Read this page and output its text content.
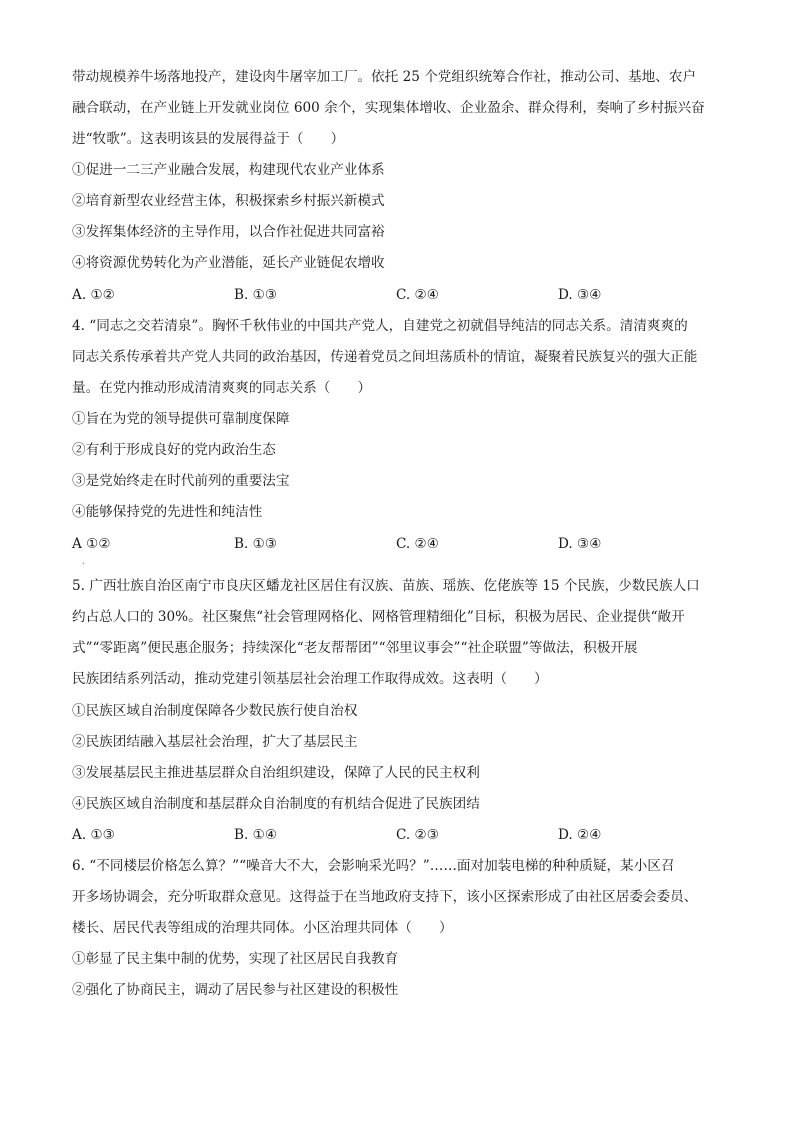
带动规模养牛场落地投产，建设肉牛屠宰加工厂。依托 25 个党组织统筹合作社，推动公司、基地、农户
融合联动，在产业链上开发就业岗位 600 余个，实现集体增收、企业盈余、群众得利，奏响了乡村振兴奋
进“牧歌”。这表明该县的发展得益于（　　）
①促进一二三产业融合发展，构建现代农业产业体系
②培育新型农业经营主体，积极探索乡村振兴新模式
③发挥集体经济的主导作用，以合作社促进共同富裕
④将资源优势转化为产业潜能，延长产业链促农增收
A. ①②	B. ①③	C. ②④	D. ③④
4. “同志之交若清泉”。胸怀千秋伟业的中国共产党人，自建党之初就倡导纯洁的同志关系。清清爽爽的
同志关系传承着共产党人共同的政治基因，传递着党员之间坦荡质朴的情谊，凝聚着民族复兴的强大正能
量。在党内推动形成清清爽爽的同志关系（　　）
①旨在为党的领导提供可靠制度保障
②有利于形成良好的党内政治生态
③是党始终走在时代前列的重要法宝
④能够保持党的先进性和纯洁性
A ①②	B. ①③	C. ②④	D. ③④
.
5. 广西壮族自治区南宁市良庆区蟠龙社区居住有汉族、苗族、瑶族、仡佬族等 15 个民族，少数民族人口
约占总人口的 30%。社区聚焦“社会管理网格化、网格管理精细化”目标，积极为居民、企业提供“敞开
式”“零距离”便民惠企服务；持续深化“老友帮帮团”“邻里议事会”“社企联盟”等做法，积极开展
民族团结系列活动，推动党建引领基层社会治理工作取得成效。这表明（　　）
①民族区域自治制度保障各少数民族行使自治权
②民族团结融入基层社会治理，扩大了基层民主
③发展基层民主推进基层群众自治组织建设，保障了人民的民主权利
④民族区域自治制度和基层群众自治制度的有机结合促进了民族团结
A. ①③	B. ①④	C. ②③	D. ②④
6. “不同楼层价格怎么算？”“噪音大不大，会影响采光吗？”……面对加装电梯的种种质疑，某小区召
开多场协调会，充分听取群众意见。这得益于在当地政府支持下，该小区探索形成了由社区居委会委员、
楼长、居民代表等组成的治理共同体。小区治理共同体（　　）
①彰显了民主集中制的优势，实现了社区居民自我教育
②强化了协商民主，调动了居民参与社区建设的积极性
